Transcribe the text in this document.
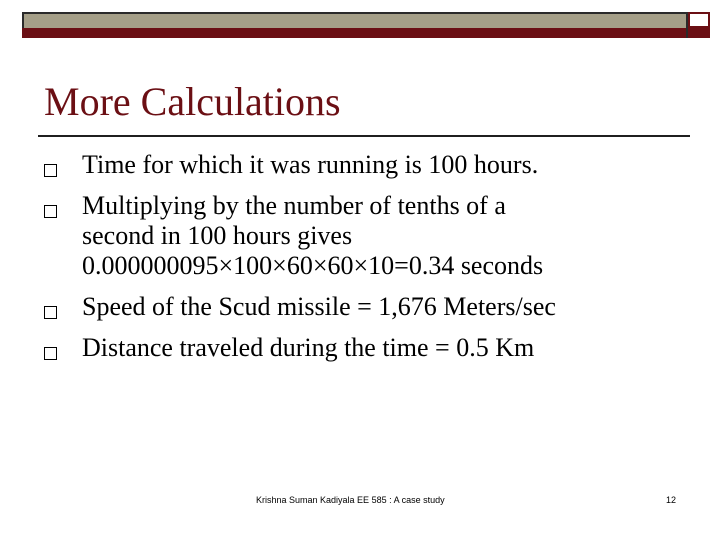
More Calculations
Time for which it was running is 100 hours.
Multiplying by the number of tenths of a
second in 100 hours gives
0.000000095×100×60×60×10=0.34 seconds
Speed of the Scud missile = 1,676 Meters/sec
Distance traveled during the time = 0.5 Km
Krishna Suman Kadiyala EE 585 : A case study	12
